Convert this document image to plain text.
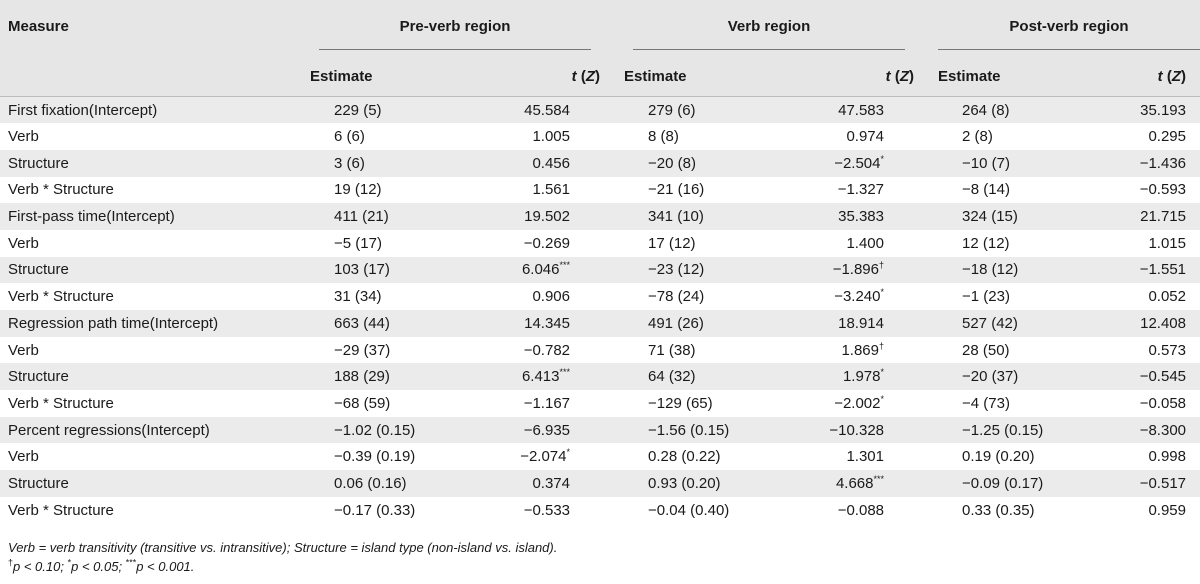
Measure	Pre-verb region			Verb region			Post-verb region	
	Estimate	t (Z)		Estimate	t (Z)		Estimate	t (Z)

First fixation(Intercept)	229 (5)	45.584		279 (6)	47.583		264 (8)	35.193
Verb	6 (6)	1.005		8 (8)	0.974		2 (8)	0.295
Structure	3 (6)	0.456		−20 (8)	−2.504*		−10 (7)	−1.436
Verb * Structure	19 (12)	1.561		−21 (16)	−1.327		−8 (14)	−0.593
First-pass time(Intercept)	411 (21)	19.502		341 (10)	35.383		324 (15)	21.715
Verb	−5 (17)	−0.269		17 (12)	1.400		12 (12)	1.015
Structure	103 (17)	6.046***		−23 (12)	−1.896†		−18 (12)	−1.551
Verb * Structure	31 (34)	0.906		−78 (24)	−3.240*		−1 (23)	0.052
Regression path time(Intercept)	663 (44)	14.345		491 (26)	18.914		527 (42)	12.408
Verb	−29 (37)	−0.782		71 (38)	1.869†		28 (50)	0.573
Structure	188 (29)	6.413***		64 (32)	1.978*		−20 (37)	−0.545
Verb * Structure	−68 (59)	−1.167		−129 (65)	−2.002*		−4 (73)	−0.058
Percent regressions(Intercept)	−1.02 (0.15)	−6.935		−1.56 (0.15)	−10.328		−1.25 (0.15)	−8.300
Verb	−0.39 (0.19)	−2.074*		0.28 (0.22)	1.301		0.19 (0.20)	0.998
Structure	0.06 (0.16)	0.374		0.93 (0.20)	4.668***		−0.09 (0.17)	−0.517
Verb * Structure	−0.17 (0.33)	−0.533		−0.04 (0.40)	−0.088		0.33 (0.35)	0.959
Verb = verb transitivity (transitive vs. intransitive); Structure = island type (non-island vs. island).
†p < 0.10; *p < 0.05; ***p < 0.001.
